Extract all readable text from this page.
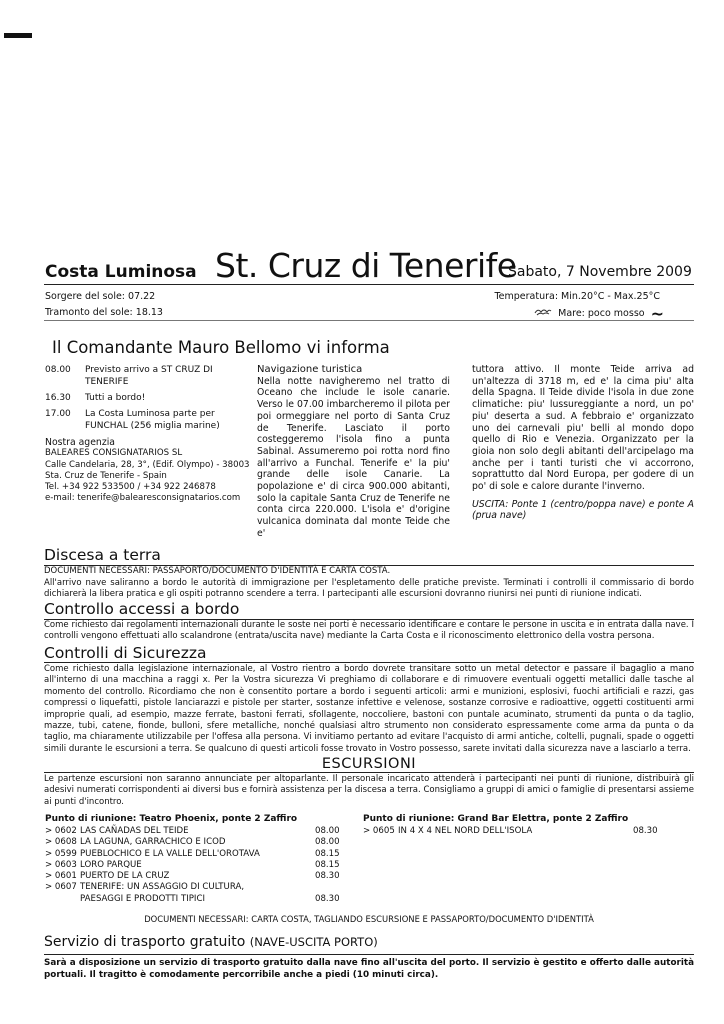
Costa Luminosa St. Cruz di Tenerife
Sabato, 7 Novembre 2009
Sorgere del sole: 07.22
Tramonto del sole: 18.13
Temperatura: Min.20°C - Max.25°C
Mare: poco mosso ~
Il Comandante Mauro Bellomo vi informa
08.00	Previsto arrivo a ST CRUZ DI TENERIFE
16.30	Tutti a bordo!
17.00	La Costa Luminosa parte per FUNCHAL (256 miglia marine)
Nostra agenzia
BALEARES CONSIGNATARIOS SL
Calle Candelaria, 28, 3°, (Edif. Olympo) - 38003
Sta. Cruz de Tenerife - Spain
Tel. +34 922 533500 / +34 922 246878
e-mail: tenerife@balearesconsignatarios.com
Navigazione turistica
Nella notte navigheremo nel tratto di Oceano che include le isole canarie. Verso le 07.00 imbarcheremo il pilota per poi ormeggiare nel porto di Santa Cruz de Tenerife. Lasciato il porto costeggeremo l'isola fino a punta Sabinal. Assumeremo poi rotta nord fino all'arrivo a Funchal. Tenerife e' la piu' grande delle isole Canarie. La popolazione e' di circa 900.000 abitanti, solo la capitale Santa Cruz de Tenerife ne conta circa 220.000. L'isola e' d'origine vulcanica dominata dal monte Teide che e'
tuttora attivo. Il monte Teide arriva ad un'altezza di 3718 m, ed e' la cima piu' alta della Spagna. Il Teide divide l'isola in due zone climatiche: piu' lussureggiante a nord, un po' piu' deserta a sud. A febbraio e' organizzato uno dei carnevali piu' belli al mondo dopo quello di Rio e Venezia. Organizzato per la gioia non solo degli abitanti dell'arcipelago ma anche per i tanti turisti che vi accorrono, soprattutto dal Nord Europa, per godere di un po' di sole e calore durante l'inverno.
USCITA: Ponte 1 (centro/poppa nave) e ponte A (prua nave)
Discesa a terra
DOCUMENTI NECESSARI: PASSAPORTO/DOCUMENTO D'IDENTITÀ E CARTA COSTA.
All'arrivo nave saliranno a bordo le autorità di immigrazione per l'espletamento delle pratiche previste. Terminati i controlli il commissario di bordo dichiarerà la libera pratica e gli ospiti potranno scendere a terra. I partecipanti alle escursioni dovranno riunirsi nei punti di riunione indicati.
Controllo accessi a bordo
Come richiesto dai regolamenti internazionali durante le soste nei porti è necessario identificare e contare le persone in uscita e in entrata dalla nave. I controlli vengono effettuati allo scalandrone (entrata/uscita nave) mediante la Carta Costa e il riconoscimento elettronico della vostra persona.
Controlli di Sicurezza
Come richiesto dalla legislazione internazionale, al Vostro rientro a bordo dovrete transitare sotto un metal detector e passare il bagaglio a mano all'interno di una macchina a raggi x. Per la Vostra sicurezza Vi preghiamo di collaborare e di rimuovere eventuali oggetti metallici dalle tasche al momento del controllo. Ricordiamo che non è consentito portare a bordo i seguenti articoli: armi e munizioni, esplosivi, fuochi artificiali e razzi, gas compressi o liquefatti, pistole lanciarazzi e pistole per starter, sostanze infettive e velenose, sostanze corrosive e radioattive, oggetti costituenti armi improprie quali, ad esempio, mazze ferrate, bastoni ferrati, sfollagente, noccoliere, bastoni con puntale acuminato, strumenti da punta o da taglio, mazze, tubi, catene, fionde, bulloni, sfere metalliche, nonché qualsiasi altro strumento non considerato espressamente come arma da punta o da taglio, ma chiaramente utilizzabile per l'offesa alla persona. Vi invitiamo pertanto ad evitare l'acquisto di armi antiche, coltelli, pugnali, spade o oggetti simili durante le escursioni a terra. Se qualcuno di questi articoli fosse trovato in Vostro possesso, sarete invitati dalla sicurezza nave a lasciarlo a terra.
ESCURSIONI
Le partenze escursioni non saranno annunciate per altoparlante. Il personale incaricato attenderà i partecipanti nei punti di riunione, distribuirà gli adesivi numerati corrispondenti ai diversi bus e fornirà assistenza per la discesa a terra. Consigliamo a gruppi di amici o famiglie di presentarsi assieme ai punti d'incontro.
Punto di riunione: Teatro Phoenix, ponte 2 Zaffiro	Punto di riunione: Grand Bar Elettra, ponte 2 Zaffiro
> 0602 LAS CAÑADAS DEL TEIDE	08.00
> 0608 LA LAGUNA, GARRACHICO E ICOD	08.00
> 0599 PUEBLOCHICO E LA VALLE DELL'OROTAVA	08.15
> 0603 LORO PARQUE	08.15
> 0601 PUERTO DE LA CRUZ	08.30
> 0607 TENERIFE: UN ASSAGGIO DI CULTURA, PAESAGGI E PRODOTTI TIPICI	08.30
> 0605 IN 4 X 4 NEL NORD DELL'ISOLA	08.30
DOCUMENTI NECESSARI: CARTA COSTA, TAGLIANDO ESCURSIONE E PASSAPORTO/DOCUMENTO D'IDENTITÀ
Servizio di trasporto gratuito (NAVE-USCITA PORTO)
Sarà a disposizione un servizio di trasporto gratuito dalla nave fino all'uscita del porto. Il servizio è gestito e offerto dalle autorità portuali. Il tragitto è comodamente percorribile anche a piedi (10 minuti circa).
